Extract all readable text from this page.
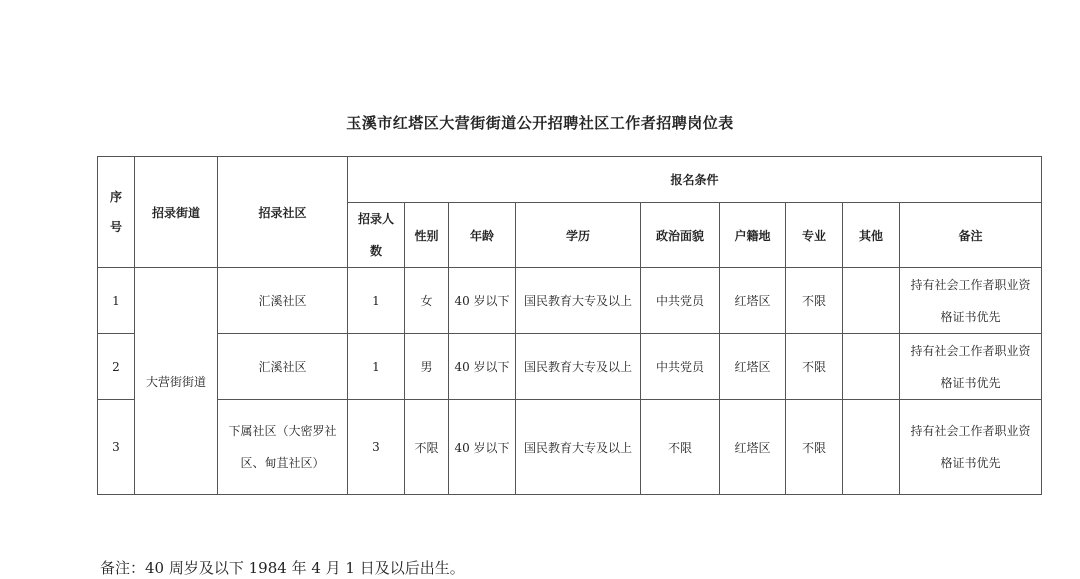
玉溪市红塔区大营街街道公开招聘社区工作者招聘岗位表
序号	招录街道	招录社区	报名条件								
			招录人数	性别	年龄	学历	政治面貌	户籍地	专业	其他	备注
1	大营街街道	汇溪社区	1	女	40 岁以下	国民教育大专及以上	中共党员	红塔区	不限		持有社会工作者职业资格证书优先
2		汇溪社区	1	男	40 岁以下	国民教育大专及以上	中共党员	红塔区	不限		持有社会工作者职业资格证书优先
3		下属社区（大密罗社区、甸苴社区）	3	不限	40 岁以下	国民教育大专及以上	不限	红塔区	不限		持有社会工作者职业资格证书优先
备注：40 周岁及以下 1984 年 4 月 1 日及以后出生。
